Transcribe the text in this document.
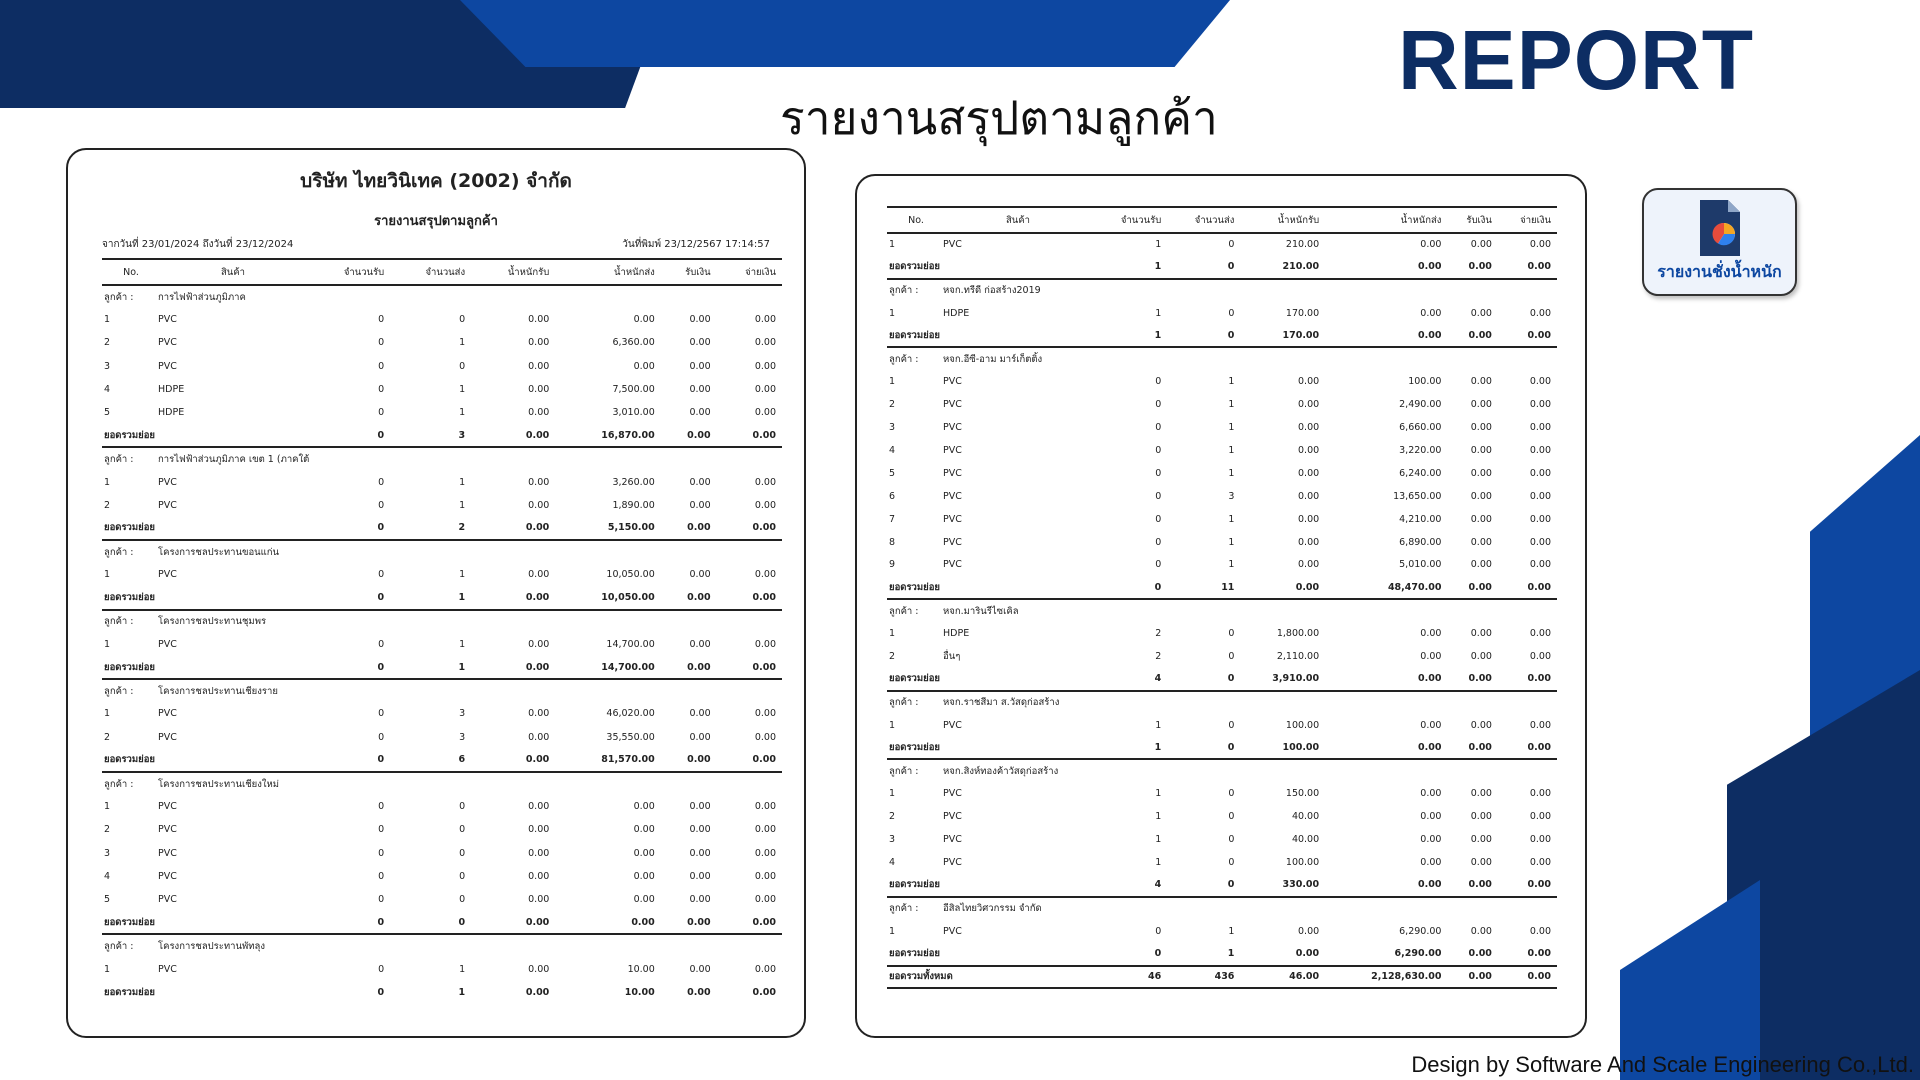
REPORT
รายงานสรุปตามลูกค้า
บริษัท ไทยวินิเทค (2002) จำกัด
รายงานสรุปตามลูกค้า
จากวันที่ 23/01/2024 ถึงวันที่ 23/12/2024	วันที่พิมพ์ 23/12/2567 17:14:57
No.	สินค้า	จำนวนรับ	จำนวนส่ง	น้ำหนักรับ	น้ำหนักส่ง	รับเงิน	จ่ายเงิน
ลูกค้า :	การไฟฟ้าส่วนภูมิภาค						
1	PVC	0	0	0.00	0.00	0.00	0.00
2	PVC	0	1	0.00	6,360.00	0.00	0.00
3	PVC	0	0	0.00	0.00	0.00	0.00
4	HDPE	0	1	0.00	7,500.00	0.00	0.00
5	HDPE	0	1	0.00	3,010.00	0.00	0.00
ยอดรวมย่อย		0	3	0.00	16,870.00	0.00	0.00
ลูกค้า :	การไฟฟ้าส่วนภูมิภาค เขต 1 (ภาคใต้						
1	PVC	0	1	0.00	3,260.00	0.00	0.00
2	PVC	0	1	0.00	1,890.00	0.00	0.00
ยอดรวมย่อย		0	2	0.00	5,150.00	0.00	0.00
ลูกค้า :	โครงการชลประทานขอนแก่น						
1	PVC	0	1	0.00	10,050.00	0.00	0.00
ยอดรวมย่อย		0	1	0.00	10,050.00	0.00	0.00
ลูกค้า :	โครงการชลประทานชุมพร						
1	PVC	0	1	0.00	14,700.00	0.00	0.00
ยอดรวมย่อย		0	1	0.00	14,700.00	0.00	0.00
ลูกค้า :	โครงการชลประทานเชียงราย						
1	PVC	0	3	0.00	46,020.00	0.00	0.00
2	PVC	0	3	0.00	35,550.00	0.00	0.00
ยอดรวมย่อย		0	6	0.00	81,570.00	0.00	0.00
ลูกค้า :	โครงการชลประทานเชียงใหม่						
1	PVC	0	0	0.00	0.00	0.00	0.00
2	PVC	0	0	0.00	0.00	0.00	0.00
3	PVC	0	0	0.00	0.00	0.00	0.00
4	PVC	0	0	0.00	0.00	0.00	0.00
5	PVC	0	0	0.00	0.00	0.00	0.00
ยอดรวมย่อย		0	0	0.00	0.00	0.00	0.00
ลูกค้า :	โครงการชลประทานพัทลุง						
1	PVC	0	1	0.00	10.00	0.00	0.00
ยอดรวมย่อย		0	1	0.00	10.00	0.00	0.00
No.	สินค้า	จำนวนรับ	จำนวนส่ง	น้ำหนักรับ	น้ำหนักส่ง	รับเงิน	จ่ายเงิน
1	PVC	1	0	210.00	0.00	0.00	0.00
ยอดรวมย่อย		1	0	210.00	0.00	0.00	0.00
ลูกค้า :	หจก.ทรีดี ก่อสร้าง2019						
1	HDPE	1	0	170.00	0.00	0.00	0.00
ยอดรวมย่อย		1	0	170.00	0.00	0.00	0.00
ลูกค้า :	หจก.อีซี-อาม มาร์เก็ตติ้ง						
1	PVC	0	1	0.00	100.00	0.00	0.00
2	PVC	0	1	0.00	2,490.00	0.00	0.00
3	PVC	0	1	0.00	6,660.00	0.00	0.00
4	PVC	0	1	0.00	3,220.00	0.00	0.00
5	PVC	0	1	0.00	6,240.00	0.00	0.00
6	PVC	0	3	0.00	13,650.00	0.00	0.00
7	PVC	0	1	0.00	4,210.00	0.00	0.00
8	PVC	0	1	0.00	6,890.00	0.00	0.00
9	PVC	0	1	0.00	5,010.00	0.00	0.00
ยอดรวมย่อย		0	11	0.00	48,470.00	0.00	0.00
ลูกค้า :	หจก.มารินรีไซเคิล						
1	HDPE	2	0	1,800.00	0.00	0.00	0.00
2	อื่นๆ	2	0	2,110.00	0.00	0.00	0.00
ยอดรวมย่อย		4	0	3,910.00	0.00	0.00	0.00
ลูกค้า :	หจก.ราชสีมา ส.วัสดุก่อสร้าง						
1	PVC	1	0	100.00	0.00	0.00	0.00
ยอดรวมย่อย		1	0	100.00	0.00	0.00	0.00
ลูกค้า :	หจก.สิงห์ทองค้าวัสดุก่อสร้าง						
1	PVC	1	0	150.00	0.00	0.00	0.00
2	PVC	1	0	40.00	0.00	0.00	0.00
3	PVC	1	0	40.00	0.00	0.00	0.00
4	PVC	1	0	100.00	0.00	0.00	0.00
ยอดรวมย่อย		4	0	330.00	0.00	0.00	0.00
ลูกค้า :	อีสิลไทยวิศวกรรม จำกัด						
1	PVC	0	1	0.00	6,290.00	0.00	0.00
ยอดรวมย่อย		0	1	0.00	6,290.00	0.00	0.00
ยอดรวมทั้งหมด		46	436	46.00	2,128,630.00	0.00	0.00
รายงานชั่งน้ำหนัก
Design by Software And Scale Engineering Co.,Ltd.
